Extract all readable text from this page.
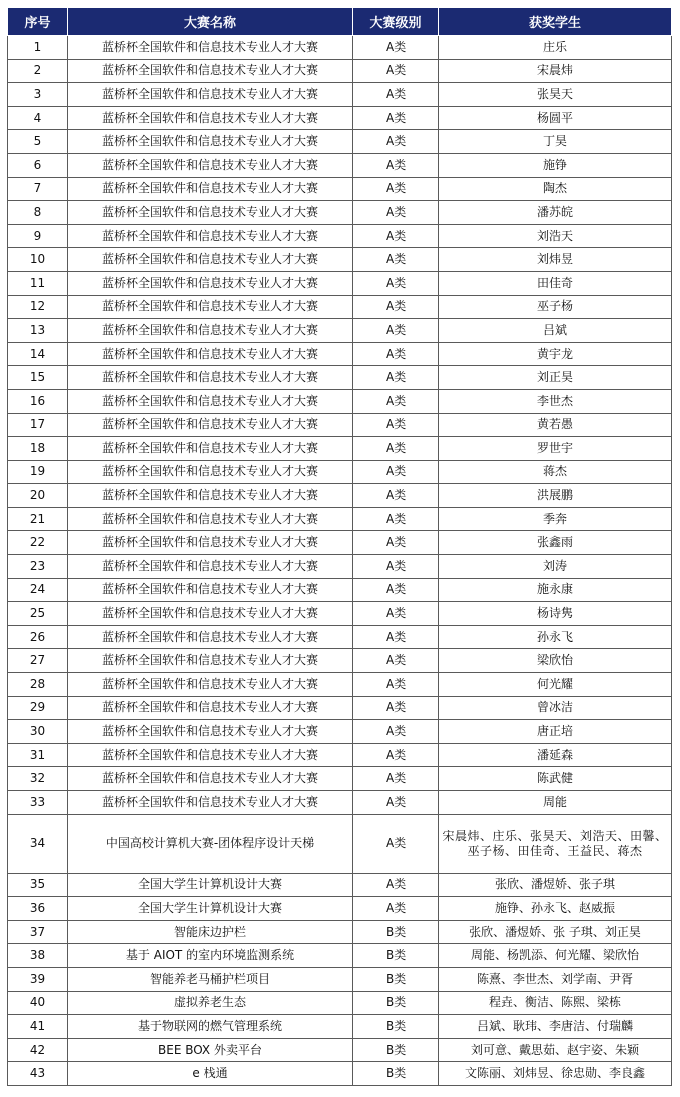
序号	大赛名称	大赛级别	获奖学生
1	蓝桥杯全国软件和信息技术专业人才大赛	A类	庄乐
2	蓝桥杯全国软件和信息技术专业人才大赛	A类	宋晨炜
3	蓝桥杯全国软件和信息技术专业人才大赛	A类	张昊天
4	蓝桥杯全国软件和信息技术专业人才大赛	A类	杨圆平
5	蓝桥杯全国软件和信息技术专业人才大赛	A类	丁昊
6	蓝桥杯全国软件和信息技术专业人才大赛	A类	施铮
7	蓝桥杯全国软件和信息技术专业人才大赛	A类	陶杰
8	蓝桥杯全国软件和信息技术专业人才大赛	A类	潘苏皖
9	蓝桥杯全国软件和信息技术专业人才大赛	A类	刘浩天
10	蓝桥杯全国软件和信息技术专业人才大赛	A类	刘炜昱
11	蓝桥杯全国软件和信息技术专业人才大赛	A类	田佳奇
12	蓝桥杯全国软件和信息技术专业人才大赛	A类	巫子杨
13	蓝桥杯全国软件和信息技术专业人才大赛	A类	吕斌
14	蓝桥杯全国软件和信息技术专业人才大赛	A类	黄宇龙
15	蓝桥杯全国软件和信息技术专业人才大赛	A类	刘正昊
16	蓝桥杯全国软件和信息技术专业人才大赛	A类	李世杰
17	蓝桥杯全国软件和信息技术专业人才大赛	A类	黄若愚
18	蓝桥杯全国软件和信息技术专业人才大赛	A类	罗世宇
19	蓝桥杯全国软件和信息技术专业人才大赛	A类	蒋杰
20	蓝桥杯全国软件和信息技术专业人才大赛	A类	洪展鹏
21	蓝桥杯全国软件和信息技术专业人才大赛	A类	季奔
22	蓝桥杯全国软件和信息技术专业人才大赛	A类	张鑫雨
23	蓝桥杯全国软件和信息技术专业人才大赛	A类	刘涛
24	蓝桥杯全国软件和信息技术专业人才大赛	A类	施永康
25	蓝桥杯全国软件和信息技术专业人才大赛	A类	杨诗隽
26	蓝桥杯全国软件和信息技术专业人才大赛	A类	孙永飞
27	蓝桥杯全国软件和信息技术专业人才大赛	A类	梁欣怡
28	蓝桥杯全国软件和信息技术专业人才大赛	A类	何光耀
29	蓝桥杯全国软件和信息技术专业人才大赛	A类	曾冰洁
30	蓝桥杯全国软件和信息技术专业人才大赛	A类	唐正培
31	蓝桥杯全国软件和信息技术专业人才大赛	A类	潘延森
32	蓝桥杯全国软件和信息技术专业人才大赛	A类	陈武健
33	蓝桥杯全国软件和信息技术专业人才大赛	A类	周能
34	中国高校计算机大赛-团体程序设计天梯	A类	宋晨炜、庄乐、张昊天、刘浩天、田馨、巫子杨、田佳奇、王益民、蒋杰
35	全国大学生计算机设计大赛	A类	张欣、潘煜娇、张子琪
36	全国大学生计算机设计大赛	A类	施铮、孙永飞、赵威振
37	智能床边护栏	B类	张欣、潘煜娇、张 子琪、刘正昊
38	基于 AIOT 的室内环境监测系统	B类	周能、杨凯添、何光耀、梁欣怡
39	智能养老马桶护栏项目	B类	陈熹、李世杰、刘学南、尹胥
40	虚拟养老生态	B类	程垚、衡洁、陈熙、梁栋
41	基于物联网的燃气管理系统	B类	吕斌、耿玮、李唐洁、付瑞麟
42	BEE BOX 外卖平台	B类	刘可意、戴思茹、赵宇姿、朱颖
43	e 栈通	B类	文陈丽、刘炜昱、徐忠勋、李良鑫
